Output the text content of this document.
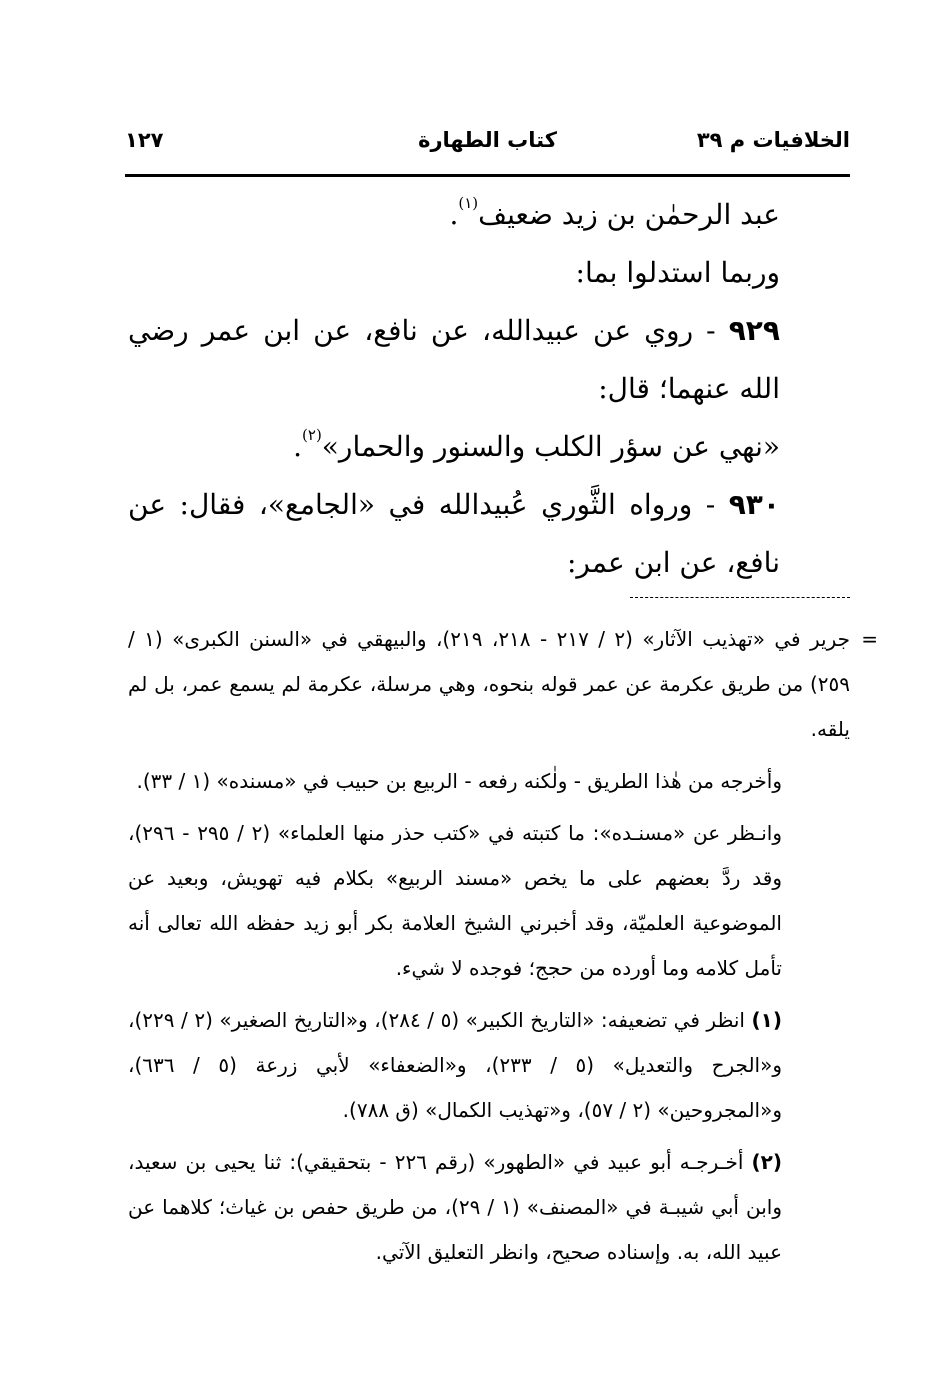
الخلافيات م ٣٩
كتاب الطهارة
١٢٧

عبد الرحمٰن بن زيد ضعيف$^{(١)}$.

وربما استدلوا بما:

٩٢٩ - روي عن عبيدالله، عن نافع، عن ابن عمر رضي الله عنهما؛ قال:

«نهي عن سؤر الكلب والسنور والحمار»$^{(٢)}$.

٩٣٠ - ورواه الثَّوري عُبيدالله في «الجامع»، فقال: عن نافع، عن ابن عمر:

=
جرير في «تهذيب الآثار» (٢ / ٢١٧ - ٢١٨، ٢١٩)، والبيهقي في «السنن الكبرى» (١ / ٢٥٩) من طريق عكرمة عن عمر قوله بنحوه، وهي مرسلة، عكرمة لم يسمع عمر، بل لم يلقه.

وأخرجه من هٰذا الطريق - ولٰكنه رفعه - الربيع بن حبيب في «مسنده» (١ / ٣٣).

وانـظر عن «مسنـده»: ما كتبته في «كتب حذر منها العلماء» (٢ / ٢٩٥ - ٢٩٦)، وقد ردَّ بعضهم على ما يخص «مسند الربيع» بكلام فيه تهويش، وبعيد عن الموضوعية العلميّة، وقد أخبرني الشيخ العلامة بكر أبو زيد حفظه الله تعالى أنه تأمل كلامه وما أورده من حجج؛ فوجده لا شيء.

(١) انظر في تضعيفه: «التاريخ الكبير» (٥ / ٢٨٤)، و«التاريخ الصغير» (٢ / ٢٢٩)، و«الجرح والتعديل» (٥ / ٢٣٣)، و«الضعفاء» لأبي زرعة (٥ / ٦٣٦)، و«المجروحين» (٢ / ٥٧)، و«تهذيب الكمال» (ق ٧٨٨).

(٢) أخـرجـه أبو عبيد في «الطهور» (رقم ٢٢٦ - بتحقيقي): ثنا يحيى بن سعيد، وابن أبي شيبـة في «المصنف» (١ / ٢٩)، من طريق حفص بن غياث؛ كلاهما عن عبيد الله، به. وإسناده صحيح، وانظر التعليق الآتي.
